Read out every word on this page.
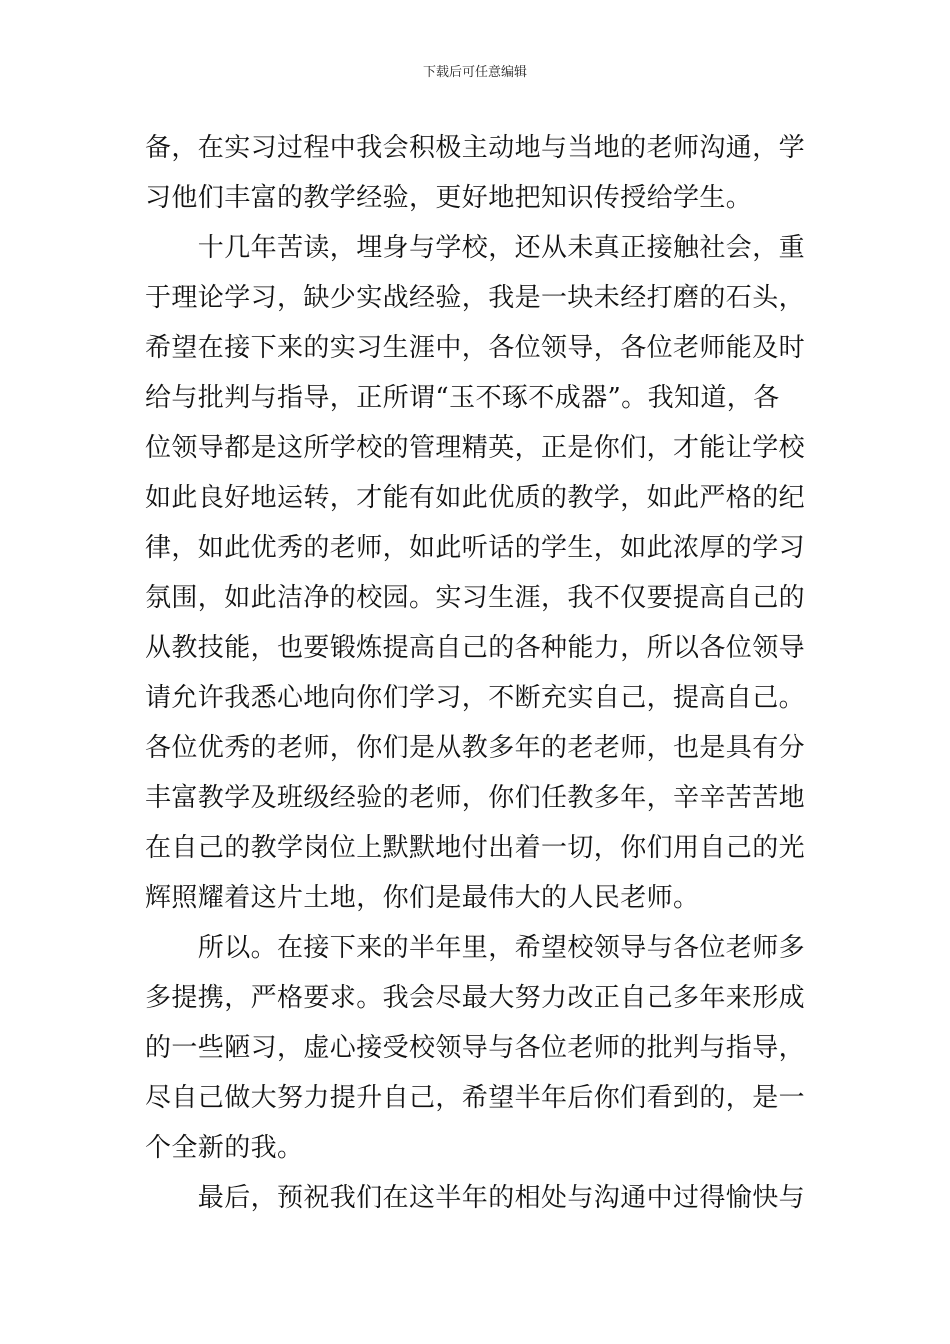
下载后可任意编辑
备，在实习过程中我会积极主动地与当地的老师沟通，学
习他们丰富的教学经验，更好地把知识传授给学生。
　　十几年苦读，埋身与学校，还从未真正接触社会，重
于理论学习，缺少实战经验，我是一块未经打磨的石头，
希望在接下来的实习生涯中，各位领导，各位老师能及时
给与批判与指导，正所谓“玉不琢不成器”。我知道，各
位领导都是这所学校的管理精英，正是你们，才能让学校
如此良好地运转，才能有如此优质的教学，如此严格的纪
律，如此优秀的老师，如此听话的学生，如此浓厚的学习
氛围，如此洁净的校园。实习生涯，我不仅要提高自己的
从教技能，也要锻炼提高自己的各种能力，所以各位领导
请允许我悉心地向你们学习，不断充实自己，提高自己。
各位优秀的老师，你们是从教多年的老老师，也是具有分
丰富教学及班级经验的老师，你们任教多年，辛辛苦苦地
在自己的教学岗位上默默地付出着一切，你们用自己的光
辉照耀着这片土地，你们是最伟大的人民老师。
　　所以。在接下来的半年里，希望校领导与各位老师多
多提携，严格要求。我会尽最大努力改正自己多年来形成
的一些陋习，虚心接受校领导与各位老师的批判与指导，
尽自己做大努力提升自己，希望半年后你们看到的，是一
个全新的我。
　　最后，预祝我们在这半年的相处与沟通中过得愉快与
